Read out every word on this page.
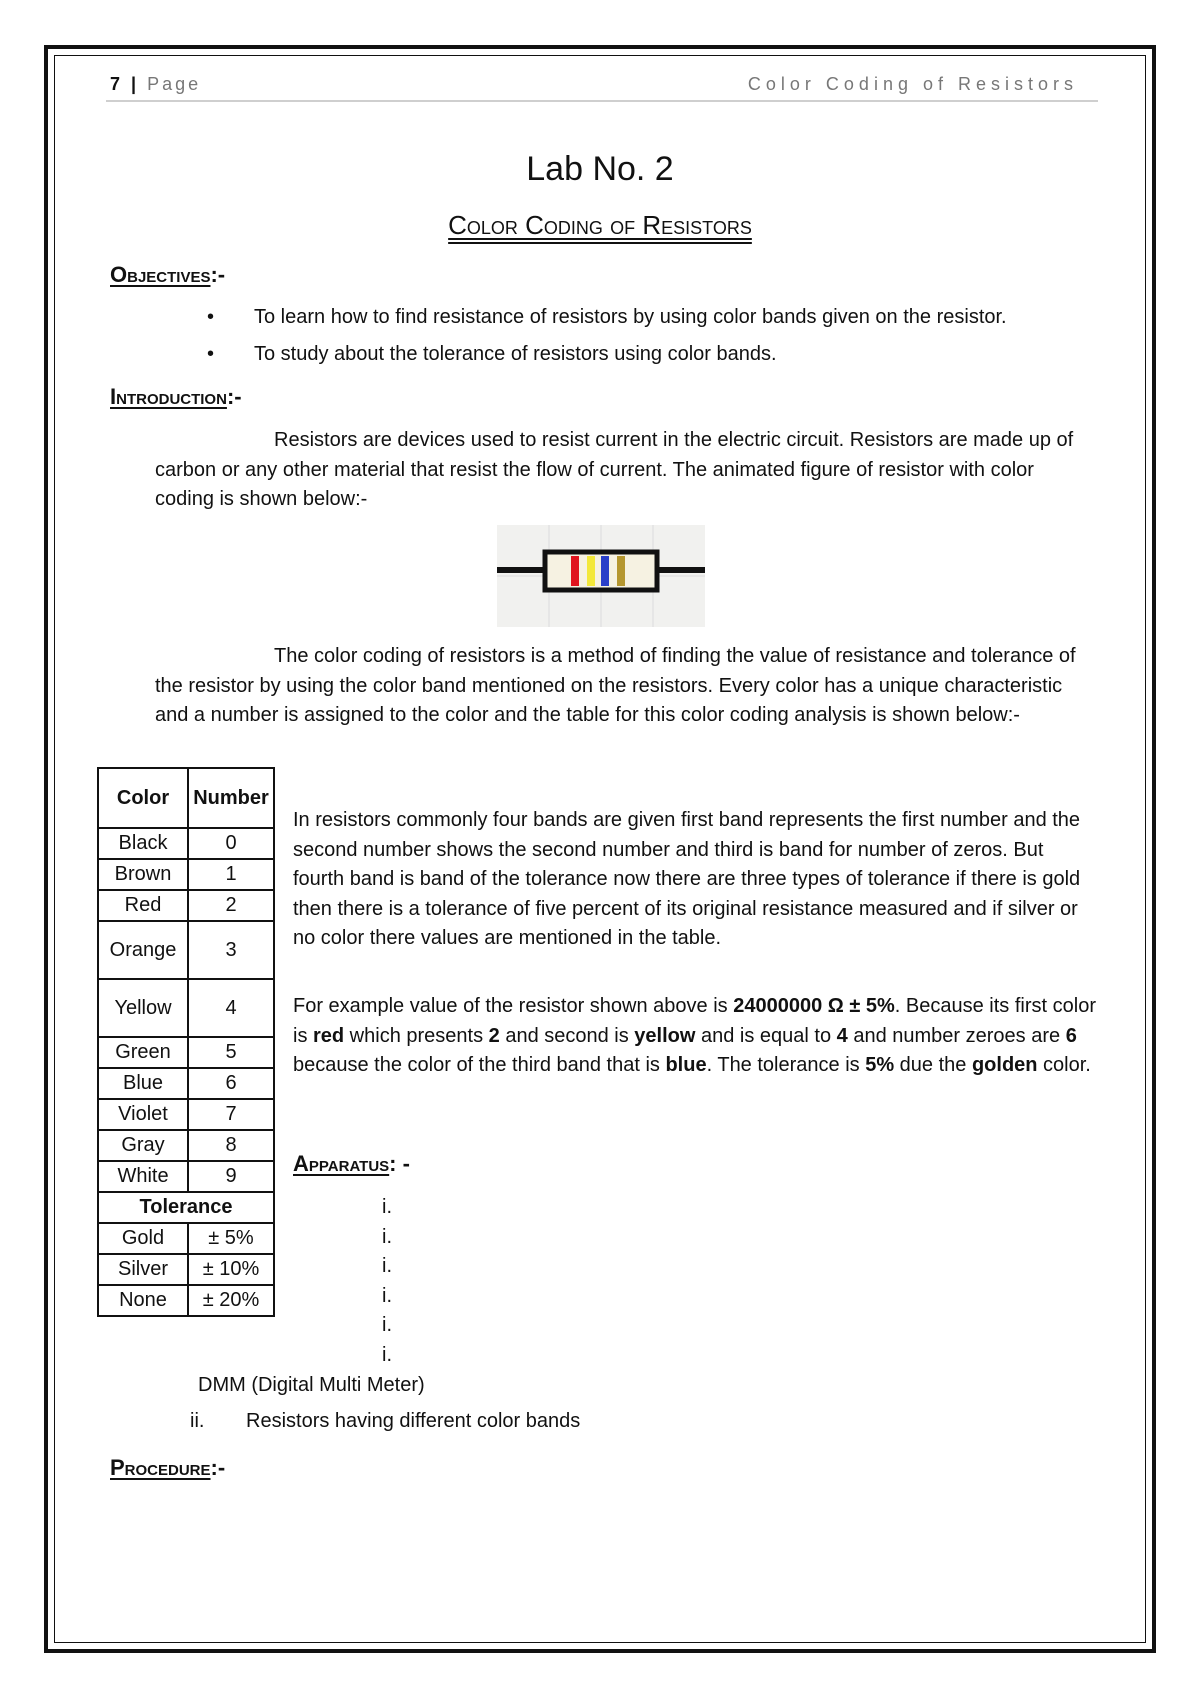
7 | Page	Color Coding of Resistors
Lab No. 2
Color Coding of Resistors
Objectives:-
• To learn how to find resistance of resistors by using color bands given on the resistor.
• To study about the tolerance of resistors using color bands.
Introduction:-

Resistors are devices used to resist current in the electric circuit. Resistors are made up of carbon or any other material that resist the flow of current. The animated figure of resistor with color coding is shown below:-

The color coding of resistors is a method of finding the value of resistance and tolerance of the resistor by using the color band mentioned on the resistors. Every color has a unique characteristic and a number is assigned to the color and the table for this color coding analysis is shown below:-

Color	Number
Black	0
Brown	1
Red	2
Orange	3
Yellow	4
Green	5
Blue	6
Violet	7
Gray	8
White	9
Tolerance	
Gold	± 5%
Silver	± 10%
None	± 20%

In resistors commonly four bands are given first band represents the first number and the second number shows the second number and third is band for number of zeros. But fourth band is band of the tolerance now there are three types of tolerance if there is gold then there is a tolerance of five percent of its original resistance measured and if silver or no color there values are mentioned in the table.

For example value of the resistor shown above is 24000000 Ω ± 5%. Because its first color is red which presents 2 and second is yellow and is equal to 4 and number zeroes are 6 because the color of the third band that is blue. The tolerance is 5% due the golden color.

Apparatus: -
i.
i.
i.
i.
i.
i.
DMM (Digital Multi Meter)
ii. Resistors having different color bands
Procedure:-
